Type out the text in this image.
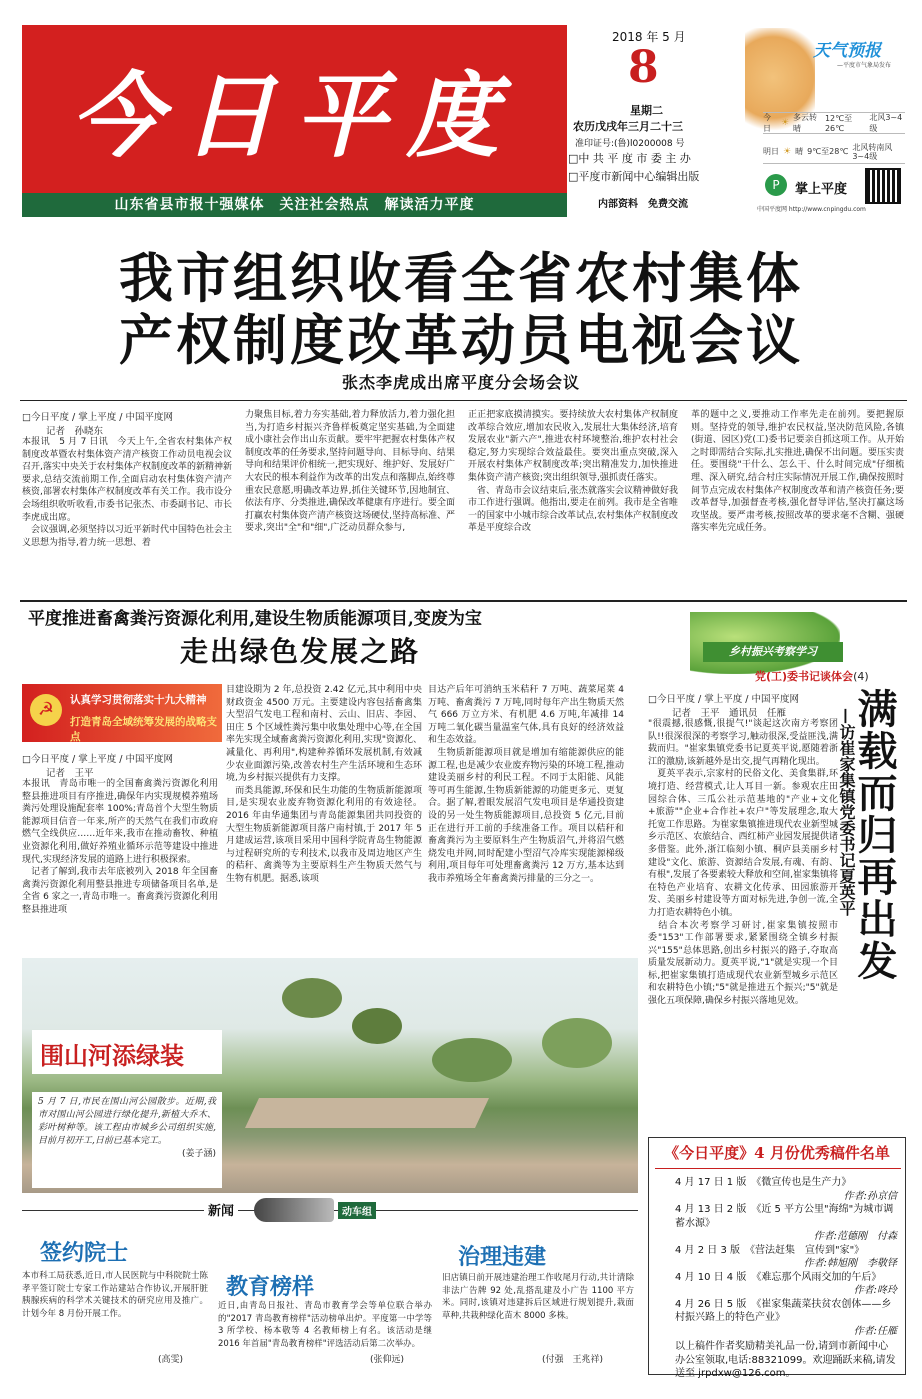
今日平度
山东省县市报十强媒体　关注社会热点　解读活力平度
2018 年 5 月
8
星期二
农历戊戌年三月二十三
准印证号:(鲁)l0200008 号
□中 共 平 度 市 委 主 办
□平度市新闻中心编辑出版
内部资料　免费交流
天气预报
—平度市气象局发布
今日
☀
多云转晴
12℃至26℃
北风3~4级
明日 ☀ 晴 9℃至28℃ 北风转南风3~4级
P	掌上平度
中国平度网 http://www.cnpingdu.com
我市组织收看全省农村集体
产权制度改革动员电视会议
张杰李虎成出席平度分会场会议
□今日平度 / 掌上平度 / 中国平度网
记者　孙晓东
本报讯　5 月 7 日讯　今天上午,全省农村集体产权制度改革暨农村集体资产清产核资工作动员电视会议召开,落实中央关于农村集体产权制度改革的新精神新要求,总结交流前期工作,全面启动农村集体资产清产核资,部署农村集体产权制度改革有关工作。我市设分会场组织收听收看,市委书记张杰、市委副书记、市长李虎成出席。
　会议强调,必须坚持以习近平新时代中国特色社会主义思想为指导,着力统一思想、着
力聚焦目标,着力夯实基础,着力释放活力,着力强化担当,为打造乡村振兴齐鲁样板奠定坚实基础,为全面建成小康社会作出山东贡献。要牢牢把握农村集体产权制度改革的任务要求,坚持问题导向、目标导向、结果导向和结果评价相统一,把实现好、维护好、发展好广大农民的根本利益作为改革的出发点和落脚点,始终尊重农民意愿,明确改革边界,抓住关键环节,因地制宜、依法有序、分类推进,确保改革健康有序进行。要全面打赢农村集体资产清产核资这场硬仗,坚持高标准、严要求,突出"全"和"细",广泛动员群众参与,
正正把家底摸清摸实。要持续放大农村集体产权制度改革综合效应,增加农民收入,发展壮大集体经济,培育发展农业"新六产",推进农村环境整治,维护农村社会稳定,努力实现综合效益最佳。要突出重点突破,深入开展农村集体产权制度改革;突出精准发力,加快推进集体资产清产核资;突出组织领导,强抓责任落实。
　省、青岛市会议结束后,张杰就落实会议精神做好我市工作进行强调。他指出,要走在前列。我市是全省唯一的国家中小城市综合改革试点,农村集体产权制度改革是平度综合改
革的题中之义,要推动工作率先走在前列。要把握原则。坚持党的领导,维护农民权益,坚决防范风险,各镇(街道、园区)党(工)委书记要亲自抓这项工作。从开始之时即需结合实际,扎实推进,确保不出问题。要压实责任。要围绕"干什么、怎么干、什么时间完成"仔细梳理、深入研究,结合村庄实际情况开展工作,确保按照时间节点完成农村集体产权制度改革和清产核资任务;要改革督导,加强督查考核,强化督导评估,坚决打赢这场攻坚战。要严肃考核,按照改革的要求毫不含糊、强硬落实率先完成任务。
平度推进畜禽粪污资源化利用,建设生物质能源项目,变废为宝
走出绿色发展之路
☭	认真学习贯彻落实十九大精神
打造青岛全域统筹发展的战略支点
□今日平度 / 掌上平度 / 中国平度网
记者　王平
本报讯　青岛市唯一的全国畜禽粪污资源化利用整县推进项目有序推进,确保年内实现规模养殖场粪污处理设施配套率 100%;青岛首个大型生物质能源项目信音一年来,所产的天然气在我们市政府燃气全线供应……近年来,我市在推动畜牧、种植业资源化利用,做好养殖业循环示范等建设中推进现代,实现经济发展的道路上进行积极探索。
　记者了解到,我市去年底被列入 2018 年全国畜禽粪污资源化利用整县推进专项储备项目名单,是全省 6 家之一,青岛市唯一。畜禽粪污资源化利用整县推进项
目建设期为 2 年,总投资 2.42 亿元,其中利用中央财政资金 4500 万元。主要建设内容包括畜禽集大型沼气发电工程和南村、云山、旧店、李园、田庄 5 个区域性粪污集中收集处理中心等,在全国率先实现全域畜禽粪污资源化利用,实现"资源化、减量化、再利用",构建种养循环发展机制,有效减少农业面源污染,改善农村生产生活环境和生态环境,为乡村振兴提供有力支撑。
　而类具能源,环保和民生功能的生物质新能源项目,是实现农业废弃物资源化利用的有效途径。2016 年由华通集团与青岛能源集团共同投资的大型生物质新能源项目落户南村镇,于 2017 年 5 月建成运营,该项目采用中国科学院青岛生物能源与过程研究所的专利技术,以我市及周边地区产生的秸秆、禽粪等为主要原料生产生物质天然气与生物有机肥。据悉,该项
目达产后年可消纳玉米秸秆 7 万吨、蔬菜尾菜 4 万吨、畜禽粪污 7 万吨,同时每年产出生物质天然气 666 万立方米、有机肥 4.6 万吨,年减排 14 万吨二氧化碳当量温室气体,具有良好的经济效益和生态效益。
　生物质新能源项目就是增加有缩能源供应的能源工程,也是减少农业废弃物污染的环境工程,推动建设美丽乡村的利民工程。不同于太阳能、风能等可再生能源,生物质新能源的功能更多元、更复合。据了解,着眼发展沼气发电项目是华通投资建设的另一处生物质能源项目,总投资 5 亿元,目前正在进行开工前的手续准备工作。项目以秸秆和畜禽粪污为主要原料生产生物质沼气,并将沼气燃烧发电并网,同时配建小型沼气冷库实现能源梯级利用,项目每年可处理畜禽粪污 12 万方,基本达到我市养殖场全年畜禽粪污排量的三分之一。
乡村振兴考察学习
党(工)委书记谈体会(4)
□今日平度 / 掌上平度 / 中国平度网
记者　王平　通讯员　任雁
"很震撼,很感慨,很提气!"谈起这次南方考察团队!!很深很深的考察学习,触动很深,受益匪浅,满载而归。"崔家集镇党委书记夏英平说,愿随着浙江的激励,该新越外是出交,提气再精化现出。
　夏英平表示,宗家村的民俗文化、美食集群,环境打造、经营模式,让人耳目一新。参观农庄田园综合体、三瓜公社示范基地的"产业+文化+旅游""企业+合作社+农户"等发展理念,取大托宽工作思路。为崔家集镇推进现代农业新型城乡示范区、农旅结合、西红柿产业园发展提供诸多借鉴。此外,浙江临刻小镇、桐庐县美丽乡村建设"文化、旅游、资源结合发展,有魂、有韵、有根",发展了各要素较大释放和空间,崔家集镇将在特色产业培育、农耕文化传承、田园旅游开发、美丽乡村建设等方面对标先进,争创一流,全力打造农耕特色小镇。
　结合本次考察学习研讨,崔家集镇按照市委"153"工作部署要求,紧紧围绕全镇乡村振兴"155"总体思路,创出乡村振兴的路子,夺取高质量发展新动力。夏英平说,"1"就是实现一个目标,把崔家集镇打造成现代农业新型城乡示范区和农耕特色小镇;"5"就是推进五个振兴;"5"就是强化五项保障,确保乡村振兴落地见效。
满载而归再出发
—访崔家集镇党委书记夏英平
围山河添绿装
5 月 7 日,市民在围山河公园散步。近期,我市对围山河公园进行绿化提升,新植大乔木、彩叶树种等。该工程由市城乡公司组织实施,目前月初开工,日前已基本完工。
(姜子涵)	《今日平度》4 月份优秀稿件名单
4 月 17 日 1 版　《微宣传也是生产力》
作者:孙京信
4 月 13 日 2 版　《近 5 平方公里"海绵"为城市调蓄水源》
作者:范德刚　付森
4 月 2 日 3 版　《营法赶集　宣传到"家"》
作者:韩旭刚　李敬铎
4 月 10 日 4 版　《难忘那个风雨交加的午后》
作者:咚玲
4 月 26 日 5 版　《崔家集蔬菜扶贫农创体——乡村振兴路上的特色产业》
作者:任雁
以上稿件作者奖励精美礼品一份,请到市新闻中心办公室领取,电话:88321099。欢迎踊跃来稿,请发送至 jrpdxw@126.com。
新闻	动车组
签约院士
本市科工局获悉,近日,市人民医院与中科院院士陈孝平签订院士专家工作站建站合作协议,开展肝脏胰腺疾病的科学术关键技术的研究应用及推广。计划今年 8 月份开展工作。
(高雯)
教育榜样
近日,由青岛日报社、青岛市教育学会等单位联合举办的"2017 青岛教育榜样"活动榜单出炉。平度第一中学等 3 所学校、杨本敬等 4 名教师榜上有名。该活动是继 2016 年首届"青岛教育榜样"评选活动后第二次举办。
(张仰远)
治理违建
旧店镇日前开展违建治理工作收尾月行动,共计清除非法广告牌 92 处,乱搭乱建及小广告 1100 平方米。同时,该镇对违建拆后区域进行规划提升,栽面草种,共栽种绿化苗木 8000 多株。
(付强　王兆祥)
